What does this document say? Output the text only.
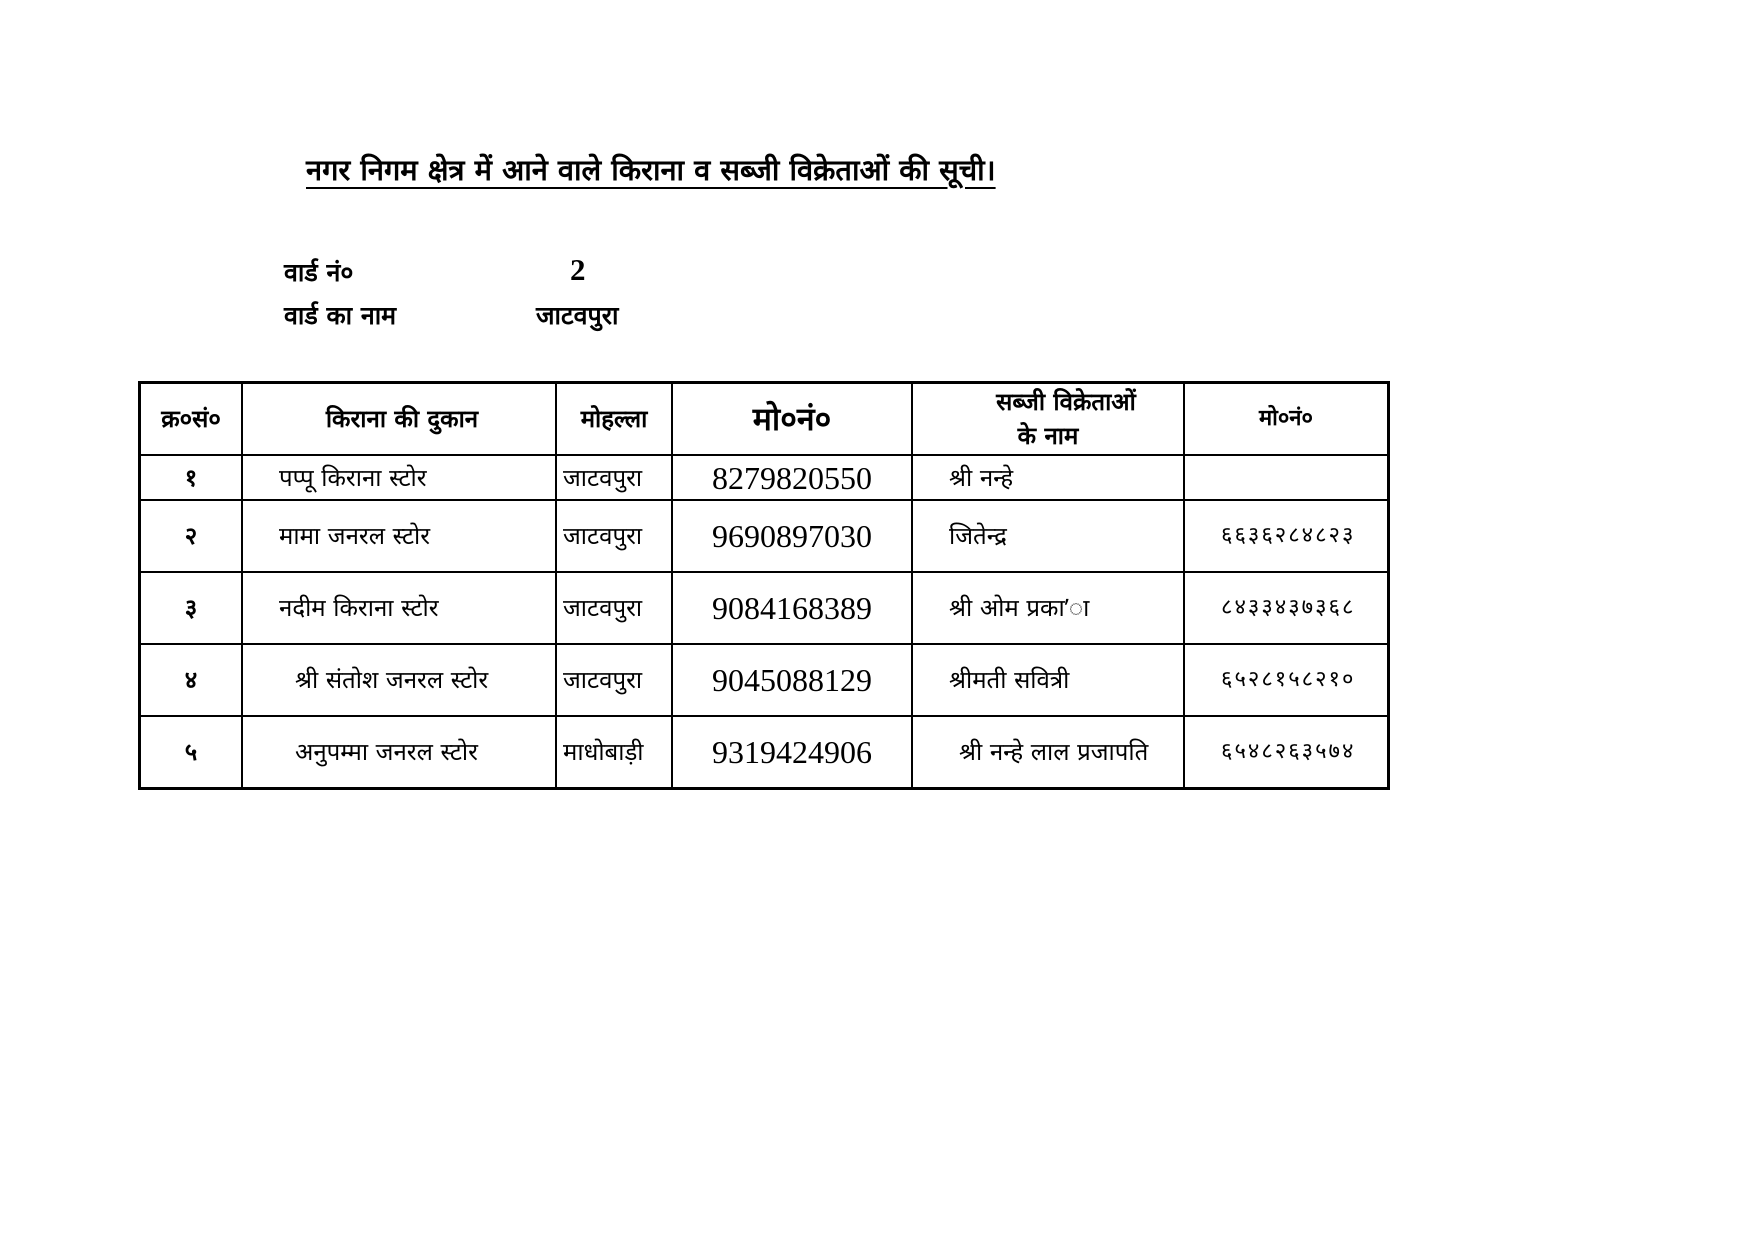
नगर निगम क्षेत्र में आने वाले किराना व सब्जी विक्रेताओं की सूची।
वार्ड नं०	2
वार्ड का नाम	जाटवपुरा
क्र०सं०	किराना की दुकान	मोहल्ला	मो०नं०	सब्जी विक्रेताओं
के नाम	मो०नं०
१	पप्पू किराना स्टोर	जाटवपुरा	8279820550	श्री नन्हे	
२	मामा जनरल स्टोर	जाटवपुरा	9690897030	जितेन्द्र	६६३६२८४८२३
३	नदीम किराना स्टोर	जाटवपुरा	9084168389	श्री ओम प्रका’ा	८४३३४३७३६८
४	श्री संतोश जनरल स्टोर	जाटवपुरा	9045088129	श्रीमती सवित्री	६५२८१५८२१०
५	अनुपम्मा जनरल स्टोर	माधोबाड़ी	9319424906	श्री नन्हे लाल प्रजापति	६५४८२६३५७४
